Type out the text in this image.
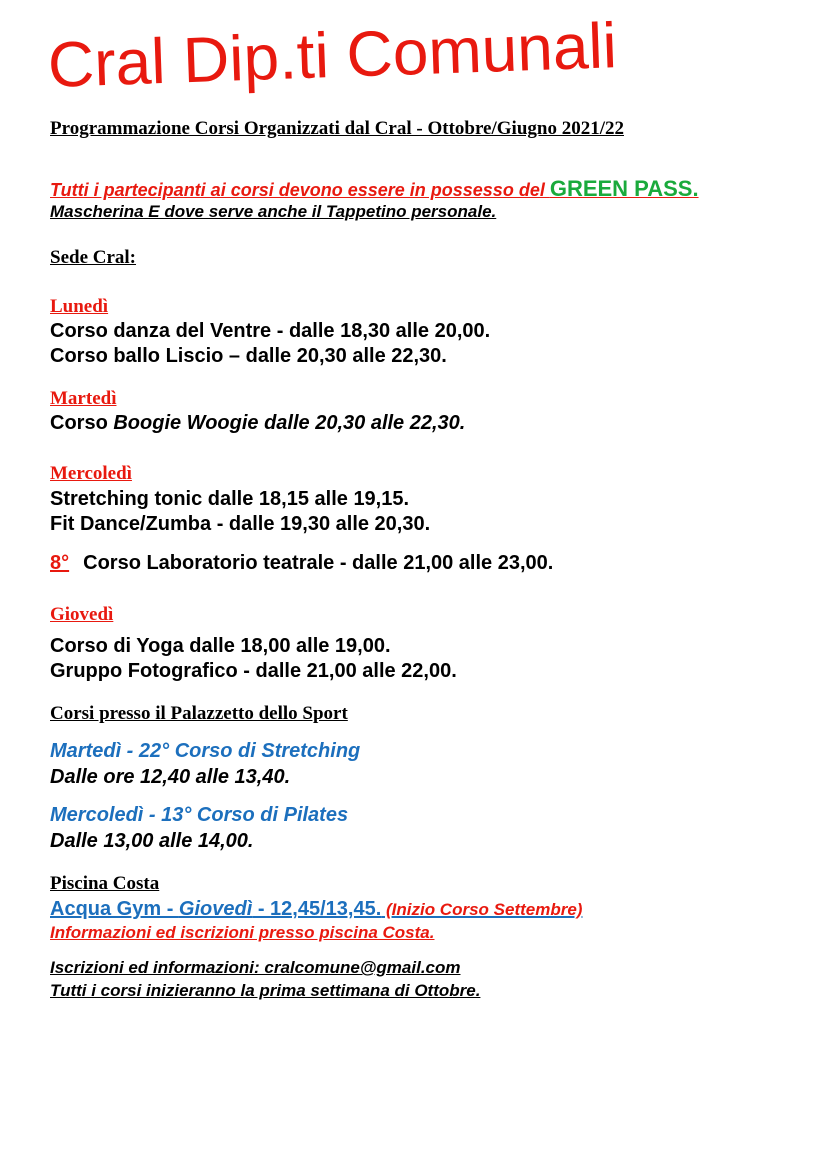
Cral Dip.ti Comunali
Programmazione Corsi Organizzati dal Cral - Ottobre/Giugno 2021/22
Tutti i partecipanti ai corsi devono essere in possesso del GREEN PASS.
Mascherina E dove serve anche il Tappetino personale.
Sede Cral:
Lunedì
Corso danza del Ventre - dalle 18,30 alle 20,00.
Corso ballo Liscio – dalle 20,30 alle 22,30.
Martedì
Corso Boogie Woogie dalle 20,30 alle 22,30.
Mercoledì
Stretching tonic dalle 18,15 alle 19,15.
Fit Dance/Zumba - dalle 19,30 alle 20,30.
8° Corso Laboratorio teatrale - dalle 21,00 alle 23,00.
Giovedì
Corso di Yoga dalle 18,00 alle 19,00.
Gruppo Fotografico - dalle 21,00 alle 22,00.
Corsi presso il Palazzetto dello Sport
Martedì - 22° Corso di Stretching
Dalle ore 12,40 alle 13,40.
Mercoledì - 13° Corso di Pilates
Dalle 13,00 alle 14,00.
Piscina Costa
Acqua Gym - Giovedì - 12,45/13,45. (Inizio Corso Settembre)
Informazioni ed iscrizioni presso piscina Costa.
Iscrizioni ed informazioni: cralcomune@gmail.com
Tutti i corsi inizieranno la prima settimana di Ottobre.
